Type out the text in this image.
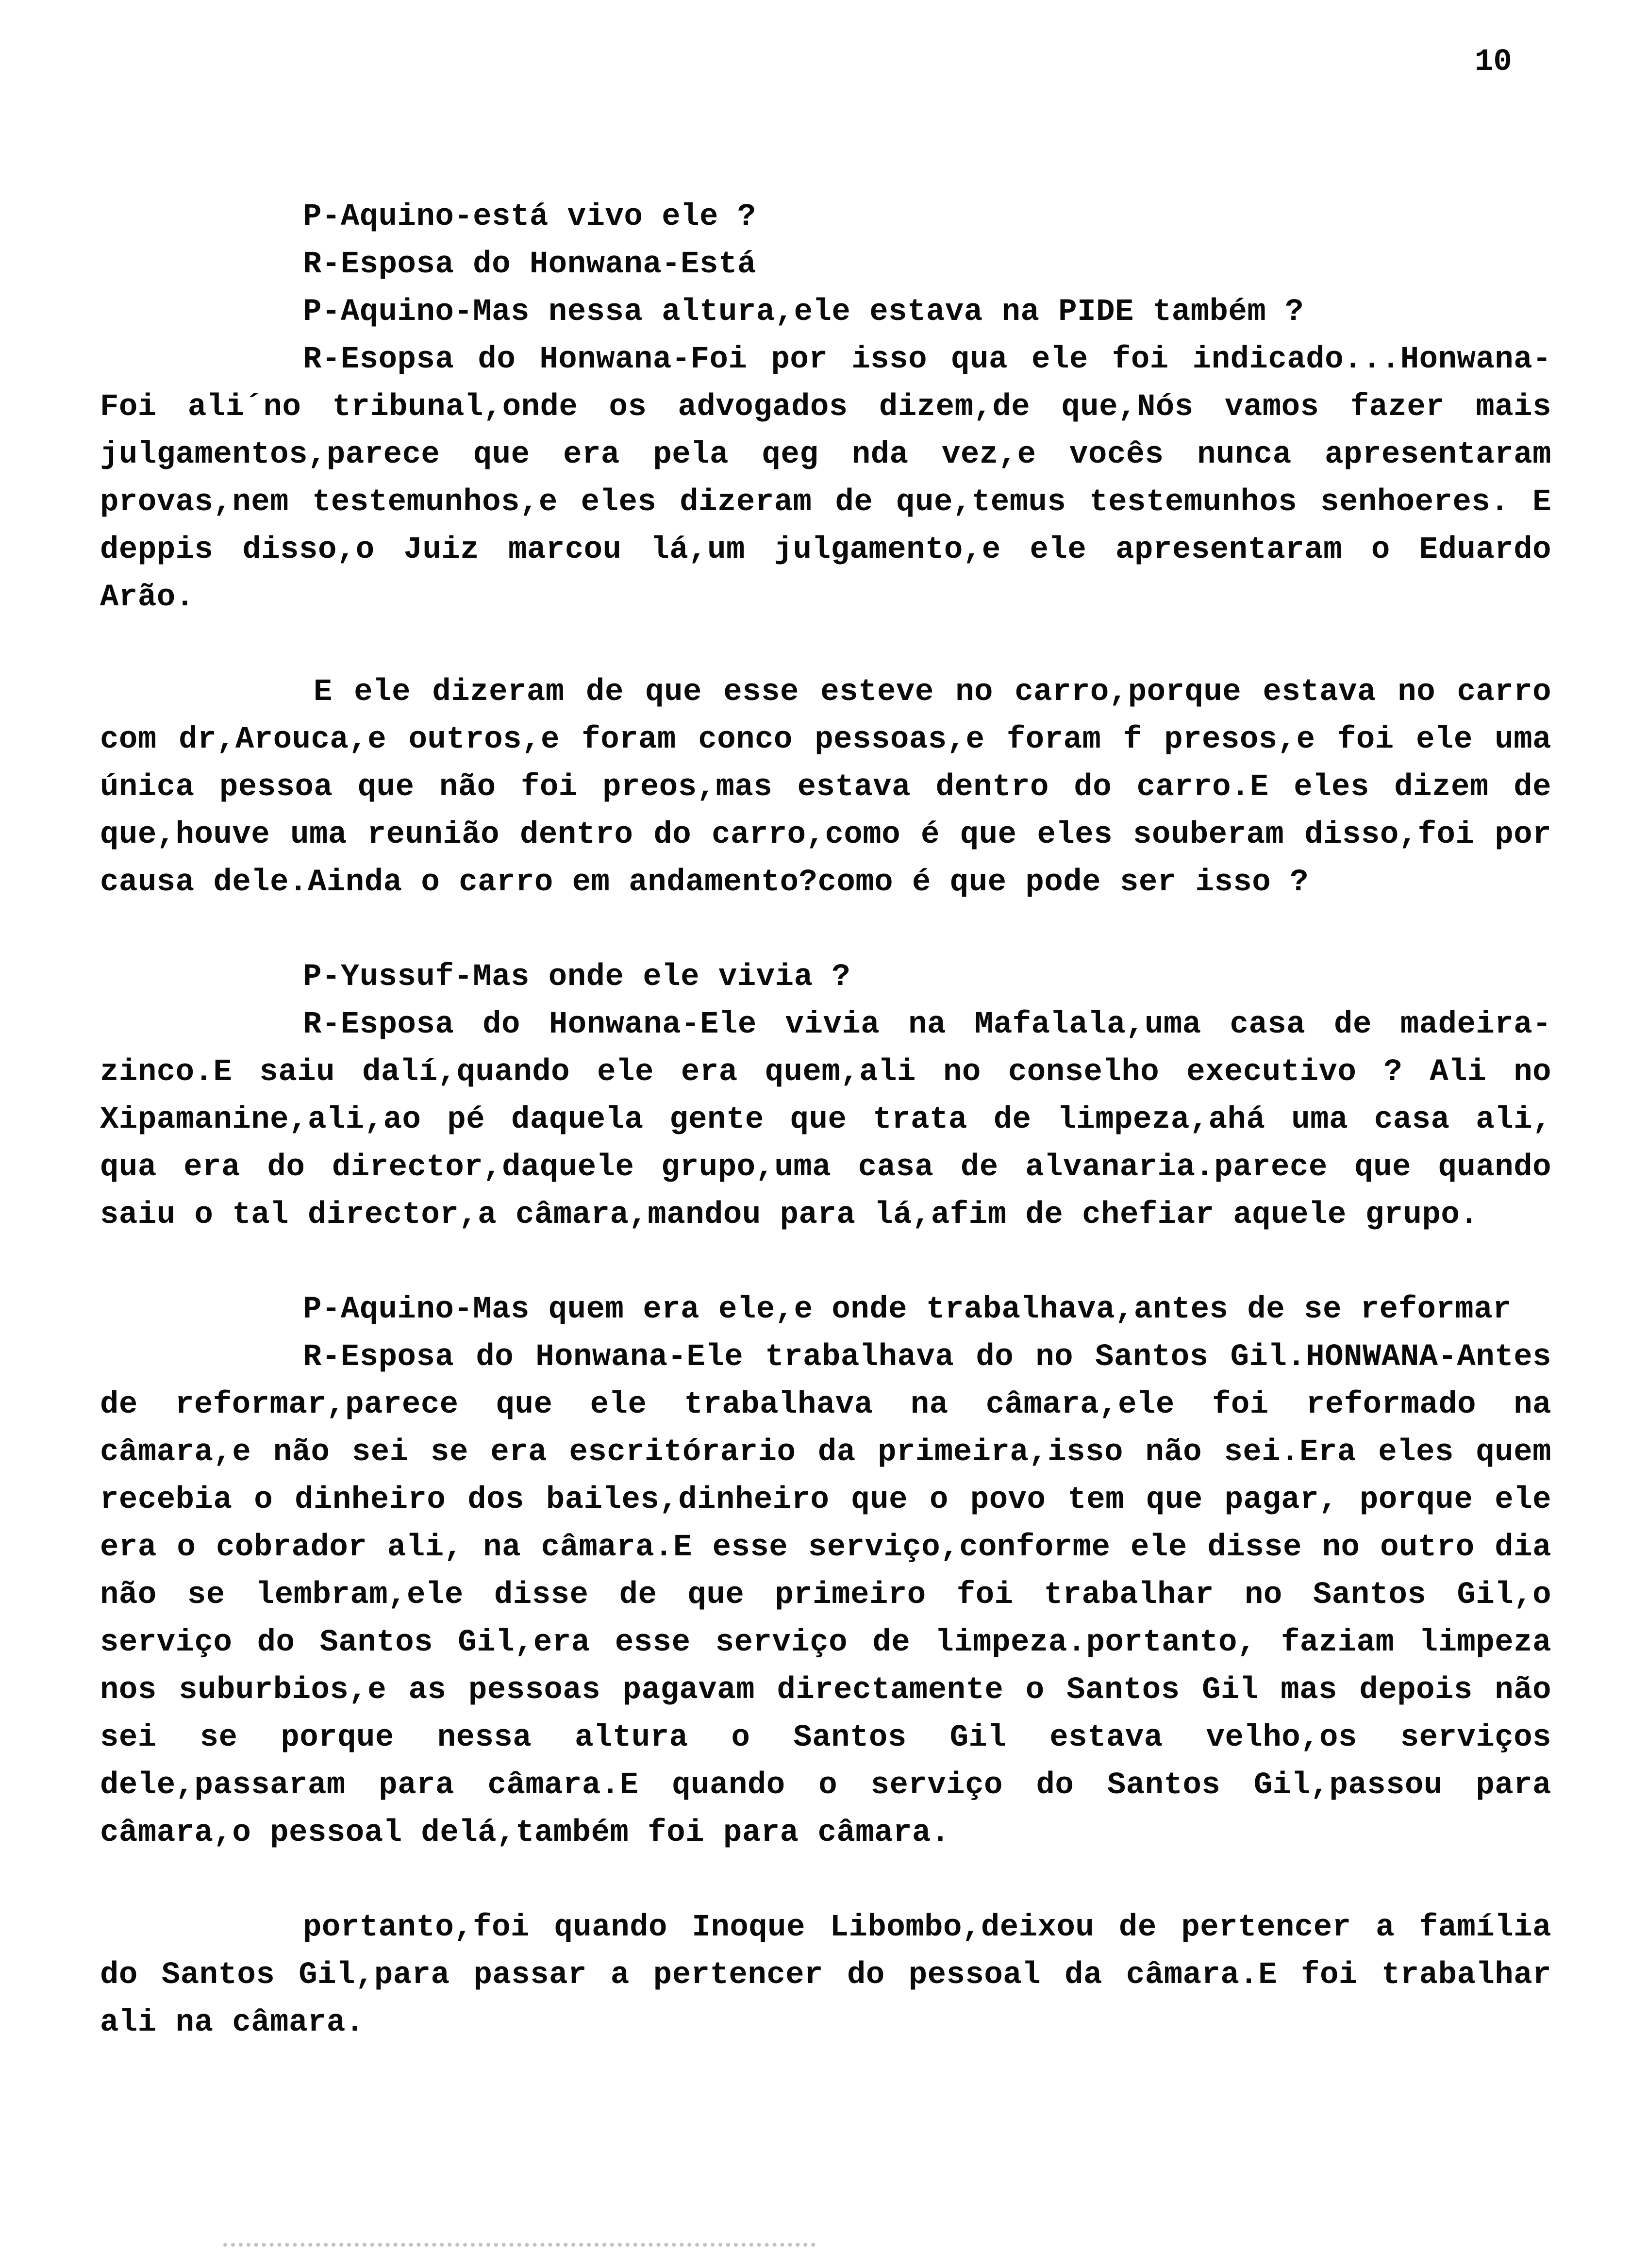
10

P-Aquino-está vivo ele ?

R-Esposa do Honwana-Está

P-Aquino-Mas nessa altura,ele estava na PIDE também ?

R-Esopsa do Honwana-Foi por isso qua ele foi indicado...Honwana-Foi ali´no tribunal,onde os advogados dizem,de que,Nós vamos fazer mais julgamentos,parece que era pela qeg nda vez,e vocês nunca apresentaram provas,nem testemunhos,e eles dizeram de que,temus testemunhos senhoeres. E deppis disso,o Juiz marcou lá,um julgamento,e ele apresentaram o Eduardo Arão.

E ele dizeram de que esse esteve no carro,porque estava no carro com dr,Arouca,e outros,e foram conco pessoas,e foram f presos,e foi ele uma única pessoa que não foi preos,mas estava dentro do carro.E eles dizem de que,houve uma reunião dentro do carro,como é que eles souberam disso,foi por causa dele.Ainda o carro em andamento?como é que pode ser isso ?

P-Yussuf-Mas onde ele vivia ?

R-Esposa do Honwana-Ele vivia na Mafalala,uma casa de madeira-zinco.E saiu dalí,quando ele era quem,ali no conselho executivo ? Ali no Xipamanine,ali,ao pé daquela gente que trata de limpeza,ahá uma casa ali, qua era do director,daquele grupo,uma casa de alvanaria.parece que quando saiu o tal director,a câmara,mandou para lá,afim de chefiar aquele grupo.

P-Aquino-Mas quem era ele,e onde trabalhava,antes de se reformar

R-Esposa do Honwana-Ele trabalhava do no Santos Gil.HONWANA-Antes de reformar,parece que ele trabalhava na câmara,ele foi reformado na câmara,e não sei se era escritórario da primeira,isso não sei.Era eles quem recebia o dinheiro dos bailes,dinheiro que o povo tem que pagar, porque ele era o cobrador ali, na câmara.E esse serviço,conforme ele disse no outro dia não se lembram,ele disse de que primeiro foi trabalhar no Santos Gil,o serviço do Santos Gil,era esse serviço de limpeza.portanto, faziam limpeza nos suburbios,e as pessoas pagavam directamente o Santos Gil mas depois não sei se porque nessa altura o Santos Gil estava velho,os serviços dele,passaram para câmara.E quando o serviço do Santos Gil,passou para câmara,o pessoal delá,também foi para câmara.

portanto,foi quando Inoque Libombo,deixou de pertencer a família do Santos Gil,para passar a pertencer do pessoal da câmara.E foi trabalhar ali na câmara.
